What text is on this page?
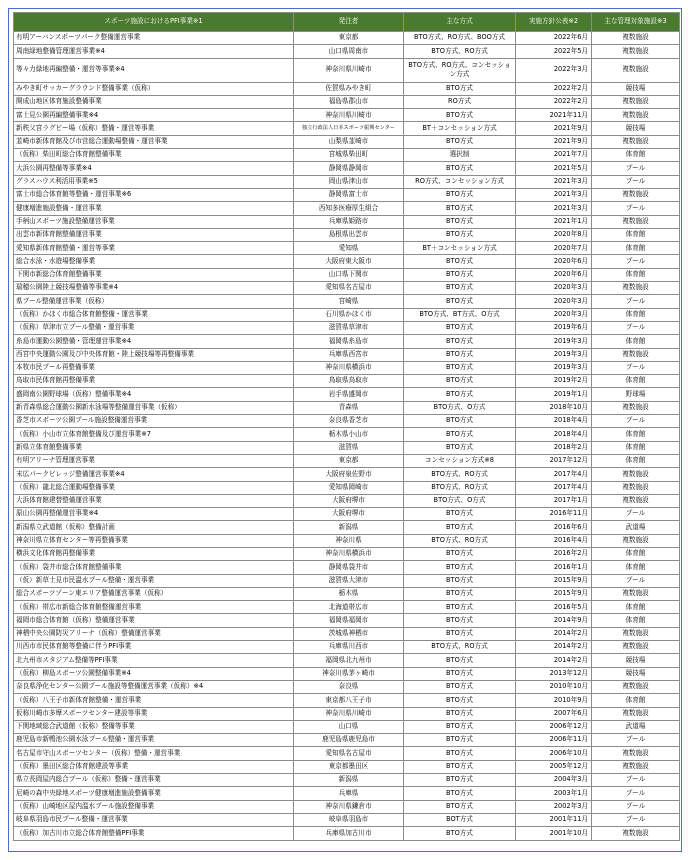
スポーツ施設におけるPFI事業※1	発注者	主な方式	実施方針公表※2	主な管理対象施設※3
有明アーバンスポーツパーク整備運営事業	東京都	BTO方式、RO方式、BOO方式	2022年6月	複数施設
周南緑地整備管理運営事業※4	山口県周南市	BTO方式、RO方式	2022年5月	複数施設
等々力緑地再編整備・運営等事業※4	神奈川県川崎市	BTO方式、RO方式、コンセッション方式	2022年3月	複数施設
みやき町サッカーグラウンド整備事業（仮称）	佐賀県みやき町	BTO方式	2022年2月	競技場
開成山地区体育施設整備事業	福島県郡山市	RO方式	2022年2月	複数施設
富士見公園再編整備事業※4	神奈川県川崎市	BTO方式	2021年11月	複数施設
新秩父宮ラグビー場（仮称）整備・運営等事業	独立行政法人日本スポーツ振興センター	BT＋コンセッション方式	2021年9月	競技場
韮崎市新体育館及び市営総合運動場整備・運営事業	山梨県韮崎市	BTO方式	2021年9月	複数施設
（仮称）柴田町総合体育館整備事業	宮城県柴田町	選択制	2021年7月	体育館
大浜公園再整備等事業※4	静岡県静岡市	BTO方式	2021年5月	プール
グラスハウス利活用事業※5	岡山県津山市	RO方式、コンセッション方式	2021年3月	プール
富士市総合体育館等整備・運営事業※6	静岡県富士市	BTO方式	2021年3月	複数施設
健康増進施設整備・運営事業	西知多医療厚生組合	BTO方式	2021年3月	プール
手柄山スポーツ施設整備運営事業	兵庫県姫路市	BTO方式	2021年1月	複数施設
出雲市新体育館整備運営事業	島根県出雲市	BTO方式	2020年8月	体育館
愛知県新体育館整備・運営等事業	愛知県	BT＋コンセッション方式	2020年7月	体育館
総合水泳・水遊場整備事業	大阪府東大阪市	BTO方式	2020年6月	プール
下関市新総合体育館整備事業	山口県下関市	BTO方式	2020年6月	体育館
瑞穂公園陸上競技場整備等事業※4	愛知県名古屋市	BTO方式	2020年3月	複数施設
県プール整備運営事業（仮称）	宮崎県	BTO方式	2020年3月	プール
（仮称）かほく市総合体育館整備・運営事業	石川県かほく市	BTO方式、BT方式、O方式	2020年3月	体育館
（仮称）草津市立プール整備・運営事業	滋賀県草津市	BTO方式	2019年6月	プール
糸島市運動公園整備・管理運営事業※4	福岡県糸島市	BTO方式	2019年3月	体育館
西宮中央運動公園及び中央体育館・陸上競技場等再整備事業	兵庫県西宮市	BTO方式	2019年3月	複数施設
本牧市民プール再整備事業	神奈川県横浜市	BTO方式	2019年3月	プール
鳥取市民体育館再整備事業	鳥取県鳥取市	BTO方式	2019年2月	体育館
盛岡南公園野球場（仮称）整備事業※4	岩手県盛岡市	BTO方式	2019年1月	野球場
新青森県総合運動公園新水泳場等整備運営事業（仮称）	青森県	BTO方式、O方式	2018年10月	複数施設
香芝市スポーツ公園プール施設整備運営事業	奈良県香芝市	BTO方式	2018年4月	プール
（仮称）小山市立体育館整備及び運営事業※7	栃木県小山市	BTO方式	2018年4月	体育館
新県立体育館整備事業	滋賀県	BTO方式	2018年2月	体育館
有明アリーナ管理運営事業	東京都	コンセッション方式※8	2017年12月	体育館
末広パークビレッジ整備運営事業※4	大阪府泉佐野市	BTO方式、RO方式	2017年4月	複数施設
（仮称）龍北総合運動場整備事業	愛知県岡崎市	BTO方式、RO方式	2017年4月	複数施設
大浜体育館建替整備運営事業	大阪府堺市	BTO方式、O方式	2017年1月	複数施設
原山公園再整備運営事業※4	大阪府堺市	BTO方式	2016年11月	プール
新潟県立武道館（仮称）整備計画	新潟県	BTO方式	2016年6月	武道場
神奈川県立体育センター等再整備事業	神奈川県	BTO方式、RO方式	2016年4月	複数施設
横浜文化体育館再整備事業	神奈川県横浜市	BTO方式	2016年2月	体育館
（仮称）袋井市総合体育館整備事業	静岡県袋井市	BTO方式	2016年1月	体育館
（仮）新草土見市民温水プール整備・運営事業	滋賀県大津市	BTO方式	2015年9月	プール
総合スポーツゾーン東エリア整備運営事業（仮称）	栃木県	BTO方式	2015年9月	複数施設
（仮称）帯広市新総合体育館整備運営事業	北海道帯広市	BTO方式	2016年5月	体育館
福岡市総合体育館（仮称）整備運営事業	福岡県福岡市	BTO方式	2014年9月	体育館
神栖中央公園防災アリーナ（仮称）整備運営事業	茨城県神栖市	BTO方式	2014年2月	複数施設
川西市市民体育館等整備に伴うPFI事業	兵庫県川西市	BTO方式、RO方式	2014年2月	複数施設
北九州市スタジアム整備等PFI事業	福岡県北九州市	BTO方式	2014年2月	競技場
（仮称）柳島スポーツ公園整備事業※4	神奈川県茅ヶ崎市	BTO方式	2013年12月	競技場
奈良県浄化センター公園プール施設等整備運営事業（仮称）※4	奈良県	BTO方式	2010年10月	複数施設
（仮称）八王子市新体育館整備・運営事業	東京都八王子市	BTO方式	2010年9月	体育館
仮称川崎市多摩スポーツセンター建設等事業	神奈川県川崎市	BTO方式	2007年6月	複数施設
下関地域総合武道館（仮称）整備等事業	山口県	BTO方式	2006年12月	武道場
鹿児島市新鴨池公園水泳プール整備・運営事業	鹿児島県鹿児島市	BTO方式	2006年11月	プール
名古屋市守山スポーツセンター（仮称）整備・運営事業	愛知県名古屋市	BTO方式	2006年10月	複数施設
（仮称）墨田区総合体育館建設等事業	東京都墨田区	BTO方式	2005年12月	複数施設
県立長岡屋内総合プール（仮称）整備・運営事業	新潟県	BTO方式	2004年3月	プール
尼崎の森中央緑地スポーツ健康増進施設整備事業	兵庫県	BTO方式	2003年1月	プール
（仮称）山崎地区屋内温水プール施設整備事業	神奈川県鎌倉市	BTO方式	2002年3月	プール
岐阜県羽島市民プール整備・運営事業	岐阜県羽島市	BOT方式	2001年11月	プール
（仮称）加古川市立総合体育館整備PFI事業	兵庫県加古川市	BTO方式	2001年10月	複数施設
